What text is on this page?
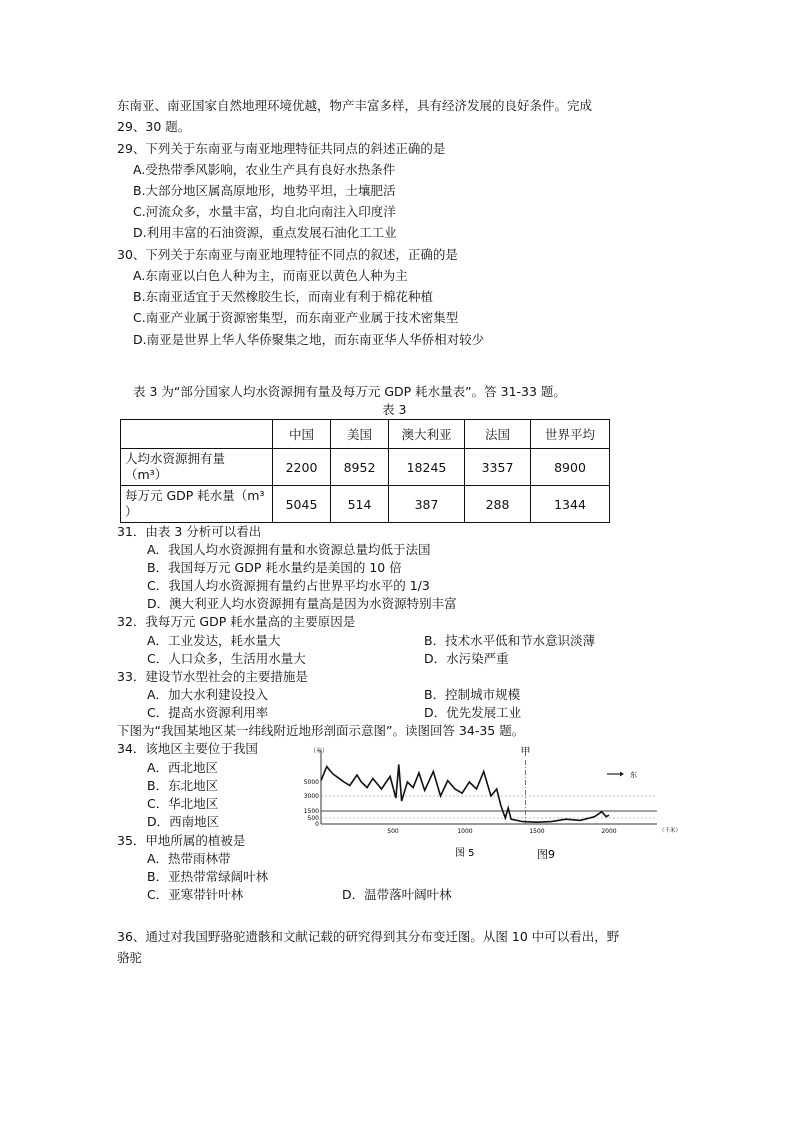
东南亚、南亚国家自然地理环境优越，物产丰富多样，具有经济发展的良好条件。完成
29、30 题。
29、下列关于东南亚与南亚地理特征共同点的斜述正确的是
A.受热带季风影响，农业生产具有良好水热条件
B.大部分地区属高原地形，地势平坦，土壤肥活
C.河流众多，水量丰富，均自北向南注入印度洋
D.利用丰富的石油资源，重点发展石油化工工业
30、下列关于东南亚与南亚地理特征不同点的叙述，正确的是
A.东南亚以白色人种为主，而南亚以黄色人种为主
B.东南亚适宜于天然橡胶生长，而南业有利于棉花种植
C.南亚产业属于资源密集型，而东南亚产业属于技术密集型
D.南亚是世界上华人华侨聚集之地，而东南亚华人华侨相对较少
表 3 为“部分国家人均水资源拥有量及每万元 GDP 耗水量表”。答 31-33 题。
表 3
	中国	美国	澳大利亚	法国	世界平均

人均水资源拥有量
（m³）	2200	8952	18245	3357	8900

每万元 GDP 耗水量（m³
）	5045	514	387	288	1344
31．由表 3 分析可以看出
A．我国人均水资源拥有量和水资源总量均低于法国
B．我国每万元 GDP 耗水量约是美国的 10 倍
C．我国人均水资源拥有量约占世界平均水平的 1/3
D．澳大利亚人均水资源拥有量高是因为水资源特别丰富
32．我每万元 GDP 耗水量高的主要原因是
A．工业发达，耗水量大	B．技术水平低和节水意识淡薄
C．人口众多，生活用水量大	D．水污染严重
33．建设节水型社会的主要措施是
A．加大水利建设投入	B．控制城市规模
C．提高水资源利用率	D．优先发展工业
下图为“我国某地区某一纬线附近地形剖面示意图”。读图回答 34-35 题。
34．该地区主要位于我国
A．西北地区
B．东北地区
C．华北地区
D．西南地区
35．甲地所属的植被是
A．热带雨林带
B．亚热带常绿阔叶林
C．亚寒带针叶林	D．温带落叶阔叶林
（米）
5000
3000
1500
500
0
500	1000	1500	2000
甲
东
（千米）
图 5	图9
36、通过对我国野骆驼遗骸和文献记载的研究得到其分布变迁图。从图 10 中可以看出，野
骆驼
